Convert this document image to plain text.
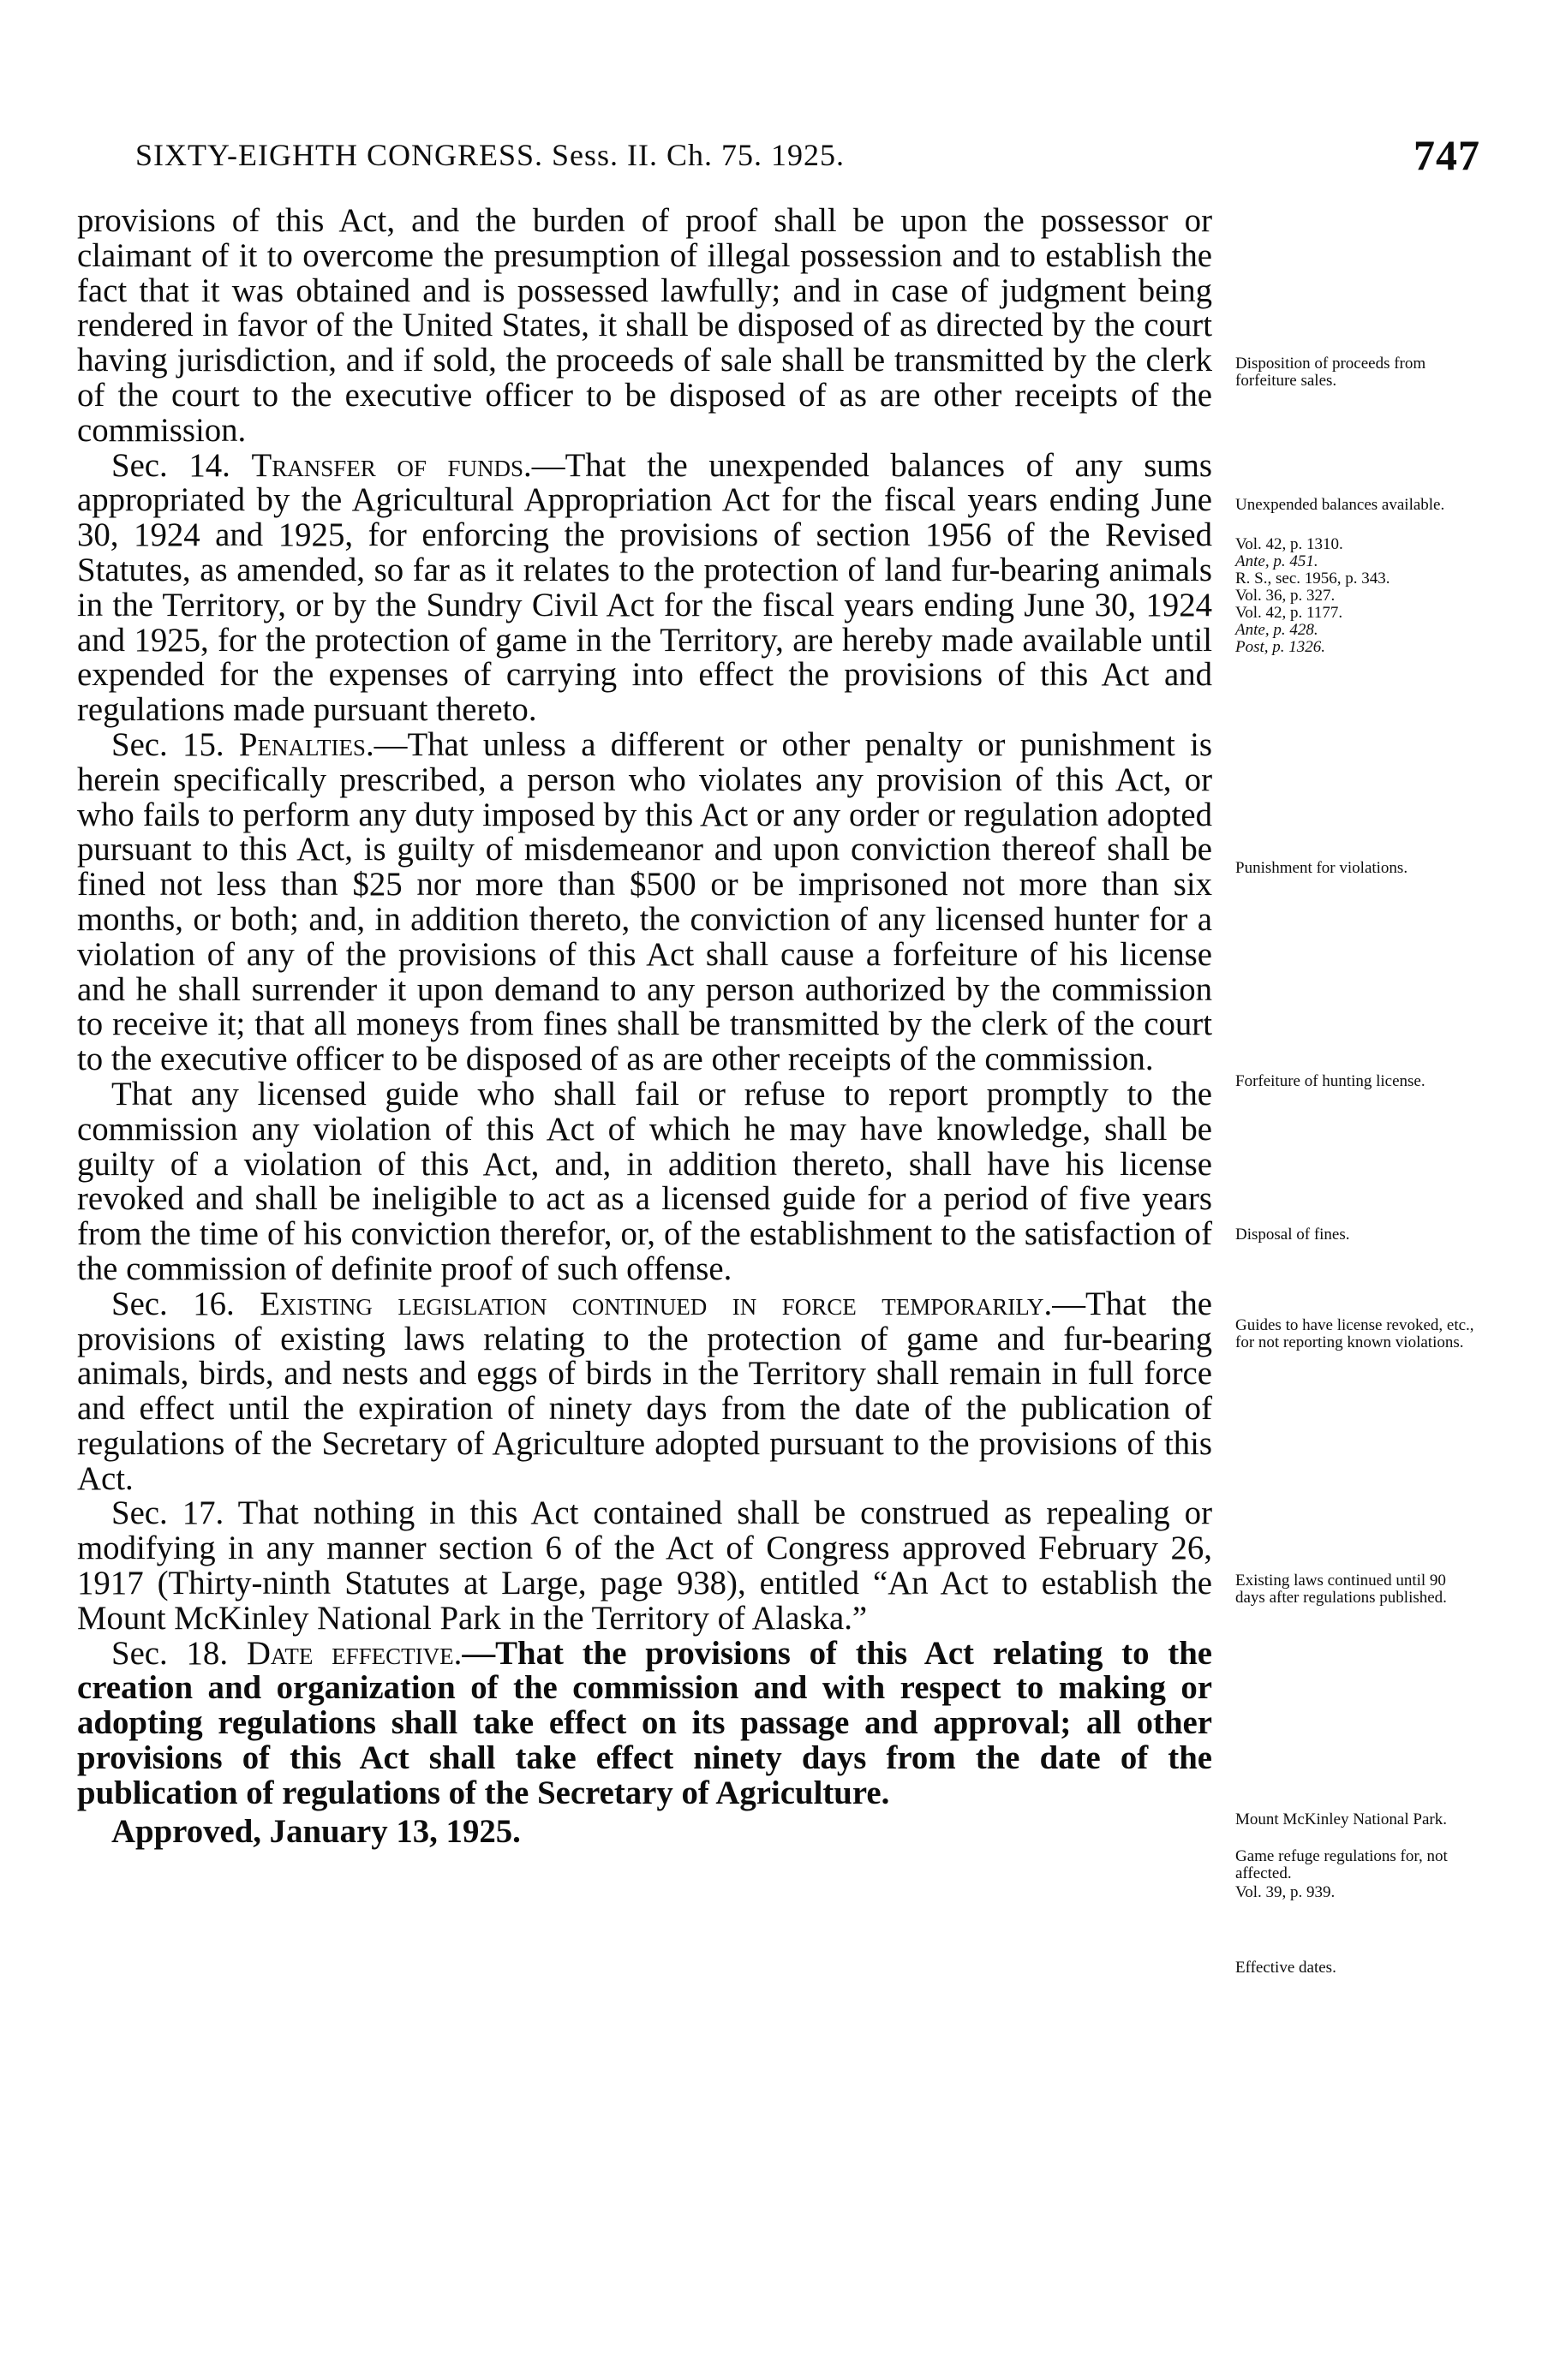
SIXTY-EIGHTH CONGRESS. Sess. II. Ch. 75. 1925.	747

provisions of this Act, and the burden of proof shall be upon the possessor or claimant of it to overcome the presumption of illegal possession and to establish the fact that it was obtained and is possessed lawfully; and in case of judgment being rendered in favor of the United States, it shall be disposed of as directed by the court having jurisdiction, and if sold, the proceeds of sale shall be transmitted by the clerk of the court to the executive officer to be disposed of as are other receipts of the commission.

Sec. 14. Transfer of funds.—That the unexpended balances of any sums appropriated by the Agricultural Appropriation Act for the fiscal years ending June 30, 1924 and 1925, for enforcing the provisions of section 1956 of the Revised Statutes, as amended, so far as it relates to the protection of land fur-bearing animals in the Territory, or by the Sundry Civil Act for the fiscal years ending June 30, 1924 and 1925, for the protection of game in the Territory, are hereby made available until expended for the expenses of carrying into effect the provisions of this Act and regulations made pursuant thereto.

Sec. 15. Penalties.—That unless a different or other penalty or punishment is herein specifically prescribed, a person who violates any provision of this Act, or who fails to perform any duty imposed by this Act or any order or regulation adopted pursuant to this Act, is guilty of misdemeanor and upon conviction thereof shall be fined not less than $25 nor more than $500 or be imprisoned not more than six months, or both; and, in addition thereto, the conviction of any licensed hunter for a violation of any of the provisions of this Act shall cause a forfeiture of his license and he shall surrender it upon demand to any person authorized by the commission to receive it; that all moneys from fines shall be transmitted by the clerk of the court to the executive officer to be disposed of as are other receipts of the commission.

That any licensed guide who shall fail or refuse to report promptly to the commission any violation of this Act of which he may have knowledge, shall be guilty of a violation of this Act, and, in addition thereto, shall have his license revoked and shall be ineligible to act as a licensed guide for a period of five years from the time of his conviction therefor, or, of the establishment to the satisfaction of the commission of definite proof of such offense.

Sec. 16. Existing legislation continued in force temporarily.—That the provisions of existing laws relating to the protection of game and fur-bearing animals, birds, and nests and eggs of birds in the Territory shall remain in full force and effect until the expiration of ninety days from the date of the publication of regulations of the Secretary of Agriculture adopted pursuant to the provisions of this Act.

Sec. 17. That nothing in this Act contained shall be construed as repealing or modifying in any manner section 6 of the Act of Congress approved February 26, 1917 (Thirty-ninth Statutes at Large, page 938), entitled “An Act to establish the Mount McKinley National Park in the Territory of Alaska.”

Sec. 18. Date effective.—That the provisions of this Act relating to the creation and organization of the commission and with respect to making or adopting regulations shall take effect on its passage and approval; all other provisions of this Act shall take effect ninety days from the date of the publication of regulations of the Secretary of Agriculture.

Approved, January 13, 1925.

Disposition of proceeds from forfeiture sales.
Unexpended balances available.
Vol. 42, p. 1310.
Ante, p. 451.
R. S., sec. 1956, p. 343.
Vol. 36, p. 327.
Vol. 42, p. 1177.
Ante, p. 428.
Post, p. 1326.
Punishment for violations.
Forfeiture of hunting license.
Disposal of fines.
Guides to have license revoked, etc., for not reporting known violations.
Existing laws continued until 90 days after regulations published.
Mount McKinley National Park.
Game refuge regulations for, not affected.
Vol. 39, p. 939.
Effective dates.
